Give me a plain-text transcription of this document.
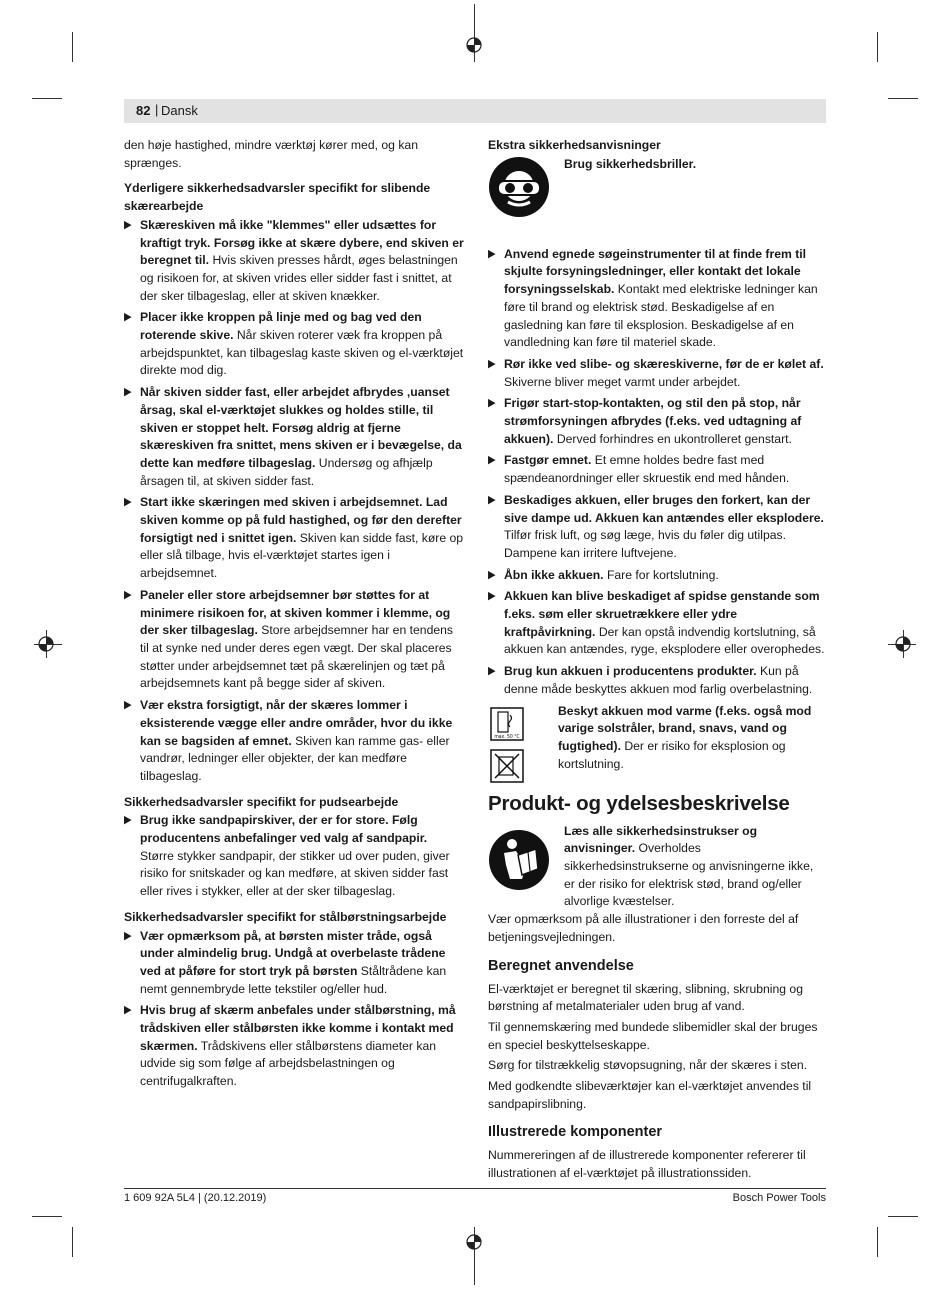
82 | Dansk

den høje hastighed, mindre værktøj kører med, og kan sprænges.

Yderligere sikkerhedsadvarsler specifikt for slibende skærearbejde
▶ Skæreskiven må ikke "klemmes" eller udsættes for kraftigt tryk. Forsøg ikke at skære dybere, end skiven er beregnet til. Hvis skiven presses hårdt, øges belastningen og risikoen for, at skiven vrides eller sidder fast i snittet, at der sker tilbageslag, eller at skiven knækker.
▶ Placer ikke kroppen på linje med og bag ved den roterende skive. Når skiven roterer væk fra kroppen på arbejdspunktet, kan tilbageslag kaste skiven og el-værktøjet direkte mod dig.
▶ Når skiven sidder fast, eller arbejdet afbrydes ,uanset årsag, skal el-værktøjet slukkes og holdes stille, til skiven er stoppet helt. Forsøg aldrig at fjerne skæreskiven fra snittet, mens skiven er i bevægelse, da dette kan medføre tilbageslag. Undersøg og afhjælp årsagen til, at skiven sidder fast.
▶ Start ikke skæringen med skiven i arbejdsemnet. Lad skiven komme op på fuld hastighed, og før den derefter forsigtigt ned i snittet igen. Skiven kan sidde fast, køre op eller slå tilbage, hvis el-værktøjet startes igen i arbejdsemnet.
▶ Paneler eller store arbejdsemner bør støttes for at minimere risikoen for, at skiven kommer i klemme, og der sker tilbageslag. Store arbejdsemner har en tendens til at synke ned under deres egen vægt. Der skal placeres støtter under arbejdsemnet tæt på skærelinjen og tæt på arbejdsemnets kant på begge sider af skiven.
▶ Vær ekstra forsigtigt, når der skæres lommer i eksisterende vægge eller andre områder, hvor du ikke kan se bagsiden af emnet. Skiven kan ramme gas- eller vandrør, ledninger eller objekter, der kan medføre tilbageslag.
Sikkerhedsadvarsler specifikt for pudsearbejde
▶ Brug ikke sandpapirskiver, der er for store. Følg producentens anbefalinger ved valg af sandpapir. Større stykker sandpapir, der stikker ud over puden, giver risiko for snitskader og kan medføre, at skiven sidder fast eller rives i stykker, eller at der sker tilbageslag.
Sikkerhedsadvarsler specifikt for stålbørstningsarbejde
▶ Vær opmærksom på, at børsten mister tråde, også under almindelig brug. Undgå at overbelaste trådene ved at påføre for stort tryk på børsten Ståltrådene kan nemt gennembryde lette tekstiler og/eller hud.
▶ Hvis brug af skærm anbefales under stålbørstning, må trådskiven eller stålbørsten ikke komme i kontakt med skærmen. Trådskivens eller stålbørstens diameter kan udvide sig som følge af arbejdsbelastningen og centrifugalkraften.
Ekstra sikkerhedsanvisninger
Brug sikkerhedsbriller.
▶ Anvend egnede søgeinstrumenter til at finde frem til skjulte forsyningsledninger, eller kontakt det lokale forsyningsselskab. Kontakt med elektriske ledninger kan føre til brand og elektrisk stød. Beskadigelse af en gasledning kan føre til eksplosion. Beskadigelse af en vandledning kan føre til materiel skade.
▶ Rør ikke ved slibe- og skæreskiverne, før de er kølet af. Skiverne bliver meget varmt under arbejdet.
▶ Frigør start-stop-kontakten, og stil den på stop, når strømforsyningen afbrydes (f.eks. ved udtagning af akkuen). Derved forhindres en ukontrolleret genstart.
▶ Fastgør emnet. Et emne holdes bedre fast med spændeanordninger eller skruestik end med hånden.
▶ Beskadiges akkuen, eller bruges den forkert, kan der sive dampe ud. Akkuen kan antændes eller eksplodere. Tilfør frisk luft, og søg læge, hvis du føler dig utilpas. Dampene kan irritere luftvejene.
▶ Åbn ikke akkuen. Fare for kortslutning.
▶ Akkuen kan blive beskadiget af spidse genstande som f.eks. søm eller skruetrækkere eller ydre kraftpåvirkning. Der kan opstå indvendig kortslutning, så akkuen kan antændes, ryge, eksplodere eller overophedes.
▶ Brug kun akkuen i producentens produkter. Kun på denne måde beskyttes akkuen mod farlig overbelastning.
max. 50 °C

Beskyt akkuen mod varme (f.eks. også mod varige solstråler, brand, snavs, vand og fugtighed). Der er risiko for eksplosion og kortslutning.
Produkt- og ydelsesbeskrivelse
Læs alle sikkerhedsinstrukser og anvisninger. Overholdes sikkerhedsinstrukserne og anvisningerne ikke, er der risiko for elektrisk stød, brand og/eller alvorlige kvæstelser.

Vær opmærksom på alle illustrationer i den forreste del af betjeningsvejledningen.

Beregnet anvendelse

El-værktøjet er beregnet til skæring, slibning, skrubning og børstning af metalmaterialer uden brug af vand.

Til gennemskæring med bundede slibemidler skal der bruges en speciel beskyttelseskappe.

Sørg for tilstrækkelig støvopsugning, når der skæres i sten.

Med godkendte slibeværktøjer kan el-værktøjet anvendes til sandpapirslibning.

Illustrerede komponenter

Nummereringen af de illustrerede komponenter refererer til illustrationen af el-værktøjet på illustrationssiden.

1 609 92A 5L4 | (20.12.2019)	Bosch Power Tools
